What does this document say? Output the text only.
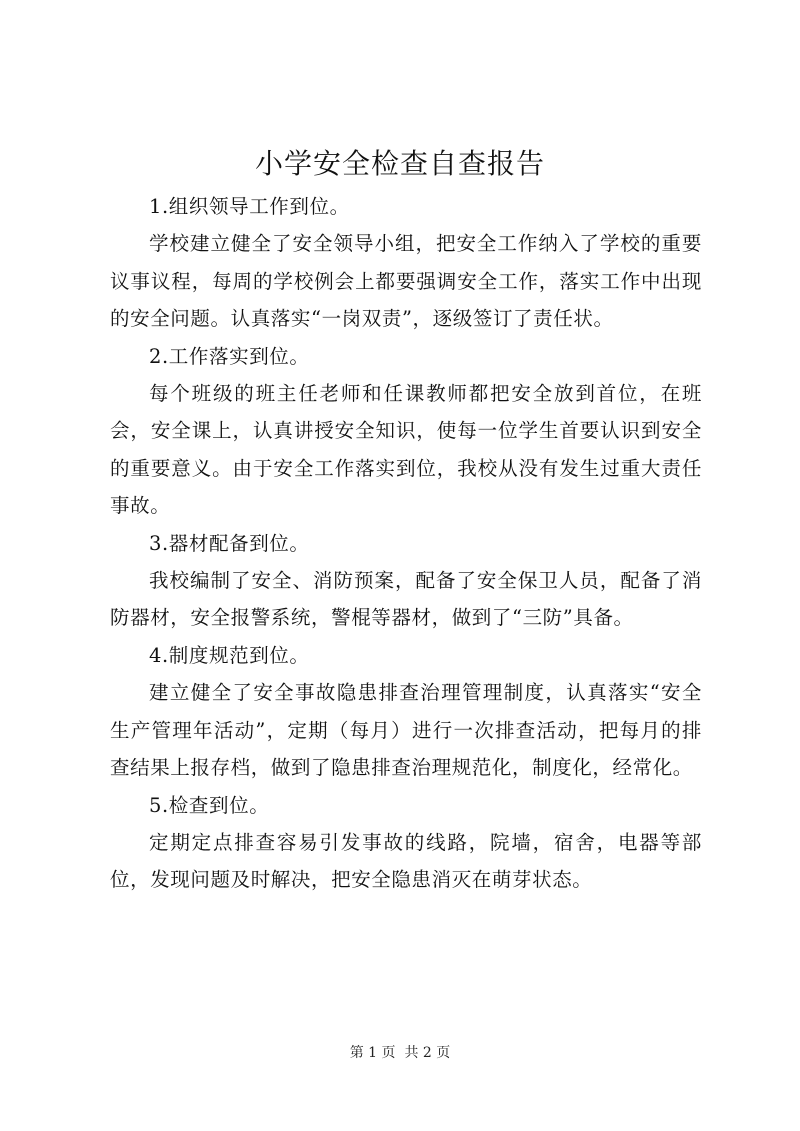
小学安全检查自查报告

1.组织领导工作到位。

学校建立健全了安全领导小组，把安全工作纳入了学校的重要议事议程，每周的学校例会上都要强调安全工作，落实工作中出现的安全问题。认真落实“一岗双责”，逐级签订了责任状。

2.工作落实到位。

每个班级的班主任老师和任课教师都把安全放到首位，在班会，安全课上，认真讲授安全知识，使每一位学生首要认识到安全的重要意义。由于安全工作落实到位，我校从没有发生过重大责任事故。

3.器材配备到位。

我校编制了安全、消防预案，配备了安全保卫人员，配备了消防器材，安全报警系统，警棍等器材，做到了“三防”具备。

4.制度规范到位。

建立健全了安全事故隐患排查治理管理制度，认真落实“安全生产管理年活动”，定期（每月）进行一次排查活动，把每月的排查结果上报存档，做到了隐患排查治理规范化，制度化，经常化。

5.检查到位。

定期定点排查容易引发事故的线路，院墙，宿舍，电器等部位，发现问题及时解决，把安全隐患消灭在萌芽状态。

第 1 页  共 2 页
